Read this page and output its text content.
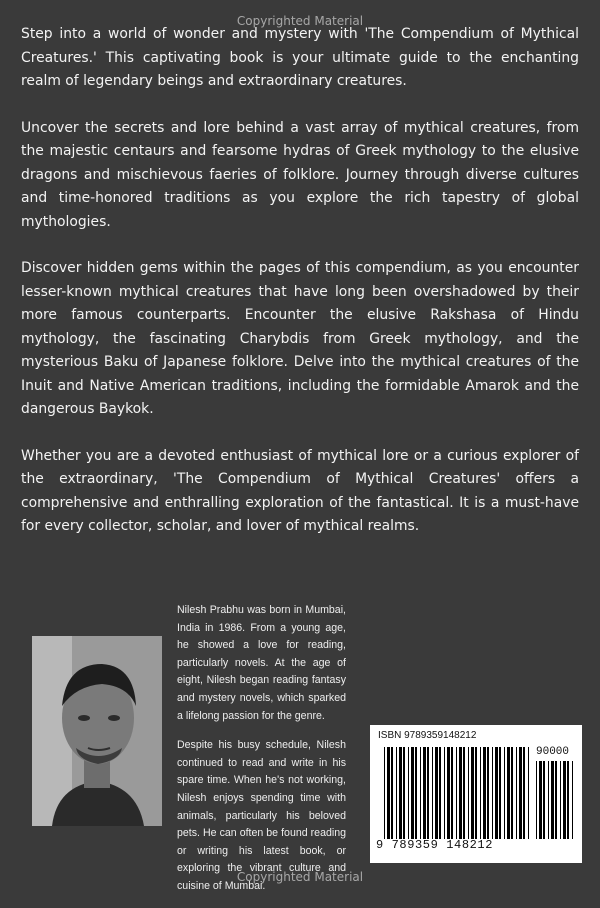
Copyrighted Material

Step into a world of wonder and mystery with 'The Compendium of Mythical Creatures.' This captivating book is your ultimate guide to the enchanting realm of legendary beings and extraordinary creatures.

Uncover the secrets and lore behind a vast array of mythical creatures, from the majestic centaurs and fearsome hydras of Greek mythology to the elusive dragons and mischievous faeries of folklore. Journey through diverse cultures and time-honored traditions as you explore the rich tapestry of global mythologies.

Discover hidden gems within the pages of this compendium, as you encounter lesser-known mythical creatures that have long been overshadowed by their more famous counterparts. Encounter the elusive Rakshasa of Hindu mythology, the fascinating Charybdis from Greek mythology, and the mysterious Baku of Japanese folklore. Delve into the mythical creatures of the Inuit and Native American traditions, including the formidable Amarok and the dangerous Baykok.

Whether you are a devoted enthusiast of mythical lore or a curious explorer of the extraordinary, 'The Compendium of Mythical Creatures' offers a comprehensive and enthralling exploration of the fantastical. It is a must-have for every collector, scholar, and lover of mythical realms.

Nilesh Prabhu was born in Mumbai, India in 1986. From a young age, he showed a love for reading, particularly novels. At the age of eight, Nilesh began reading fantasy and mystery novels, which sparked a lifelong passion for the genre.

Despite his busy schedule, Nilesh continued to read and write in his spare time. When he's not working, Nilesh enjoys spending time with animals, particularly his beloved pets. He can often be found reading or writing his latest book, or exploring the vibrant culture and cuisine of Mumbai.

ISBN 9789359148212
90000
9 789359 148212
Copyrighted Material
